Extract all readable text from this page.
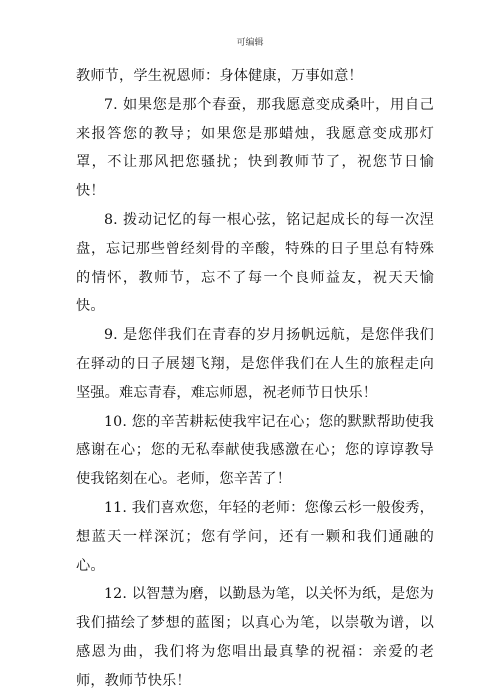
可编辑

教师节，学生祝恩师：身体健康，万事如意！

7. 如果您是那个春蚕，那我愿意变成桑叶，用自己来报答您的教导；如果您是那蜡烛，我愿意变成那灯罩，不让那风把您骚扰；快到教师节了，祝您节日愉快！

8. 拨动记忆的每一根心弦，铭记起成长的每一次涅盘，忘记那些曾经刻骨的辛酸，特殊的日子里总有特殊的情怀，教师节，忘不了每一个良师益友，祝天天愉快。

9. 是您伴我们在青春的岁月扬帆远航，是您伴我们在驿动的日子展翅飞翔，是您伴我们在人生的旅程走向坚强。难忘青春，难忘师恩，祝老师节日快乐！

10. 您的辛苦耕耘使我牢记在心；您的默默帮助使我感谢在心；您的无私奉献使我感激在心；您的谆谆教导使我铭刻在心。老师，您辛苦了！

11. 我们喜欢您，年轻的老师：您像云杉一般俊秀，想蓝天一样深沉；您有学问，还有一颗和我们通融的心。

12. 以智慧为磨，以勤恳为笔，以关怀为纸，是您为我们描绘了梦想的蓝图；以真心为笔，以崇敬为谱，以感恩为曲，我们将为您唱出最真挚的祝福：亲爱的老师，教师节快乐！
